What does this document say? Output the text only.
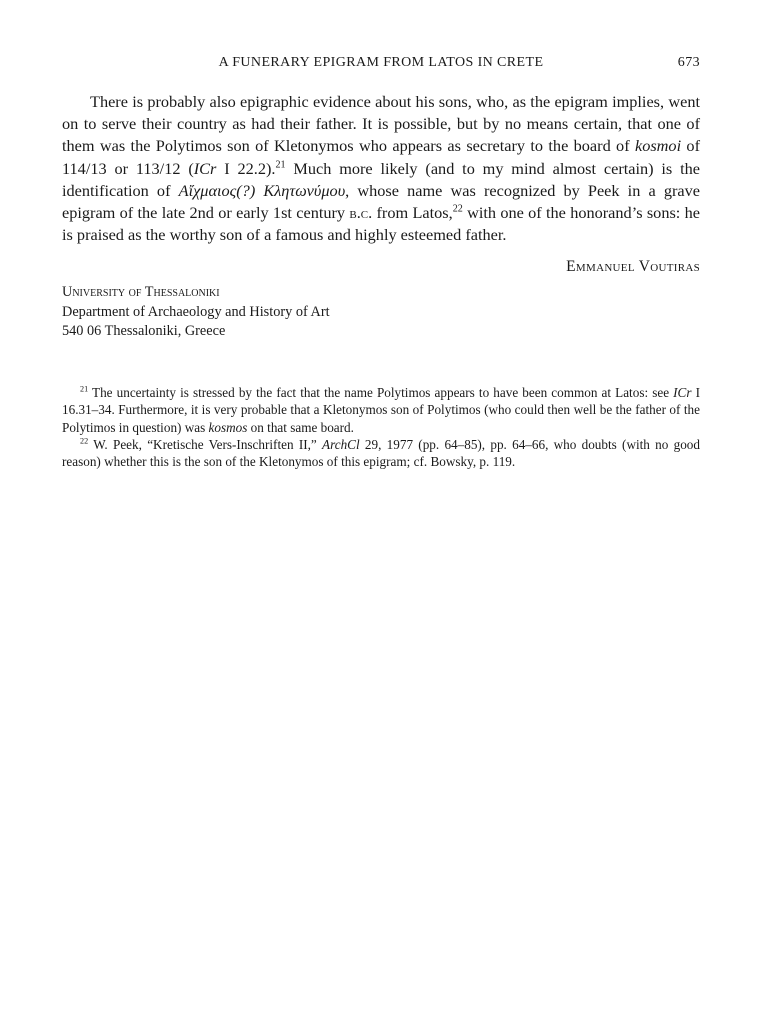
A FUNERARY EPIGRAM FROM LATOS IN CRETE	673

There is probably also epigraphic evidence about his sons, who, as the epigram implies, went on to serve their country as had their father. It is possible, but by no means certain, that one of them was the Polytimos son of Kletonymos who appears as secretary to the board of kosmoi of 114/13 or 113/12 (ICr I 22.2).$^{21}$ Much more likely (and to my mind almost certain) is the identification of Αἴχμαιος(?) Κλητωνύμου, whose name was recognized by Peek in a grave epigram of the late 2nd or early 1st century b.c. from Latos,$^{22}$ with one of the honorand’s sons: he is praised as the worthy son of a famous and highly esteemed father.

Emmanuel Voutiras
University of Thessaloniki
Department of Archaeology and History of Art
540 06 Thessaloniki, Greece

$^{21}$ The uncertainty is stressed by the fact that the name Polytimos appears to have been common at Latos: see ICr I 16.31–34. Furthermore, it is very probable that a Kletonymos son of Polytimos (who could then well be the father of the Polytimos in question) was kosmos on that same board.

$^{22}$ W. Peek, “Kretische Vers-Inschriften II,” ArchCl 29, 1977 (pp. 64–85), pp. 64–66, who doubts (with no good reason) whether this is the son of the Kletonymos of this epigram; cf. Bowsky, p. 119.
